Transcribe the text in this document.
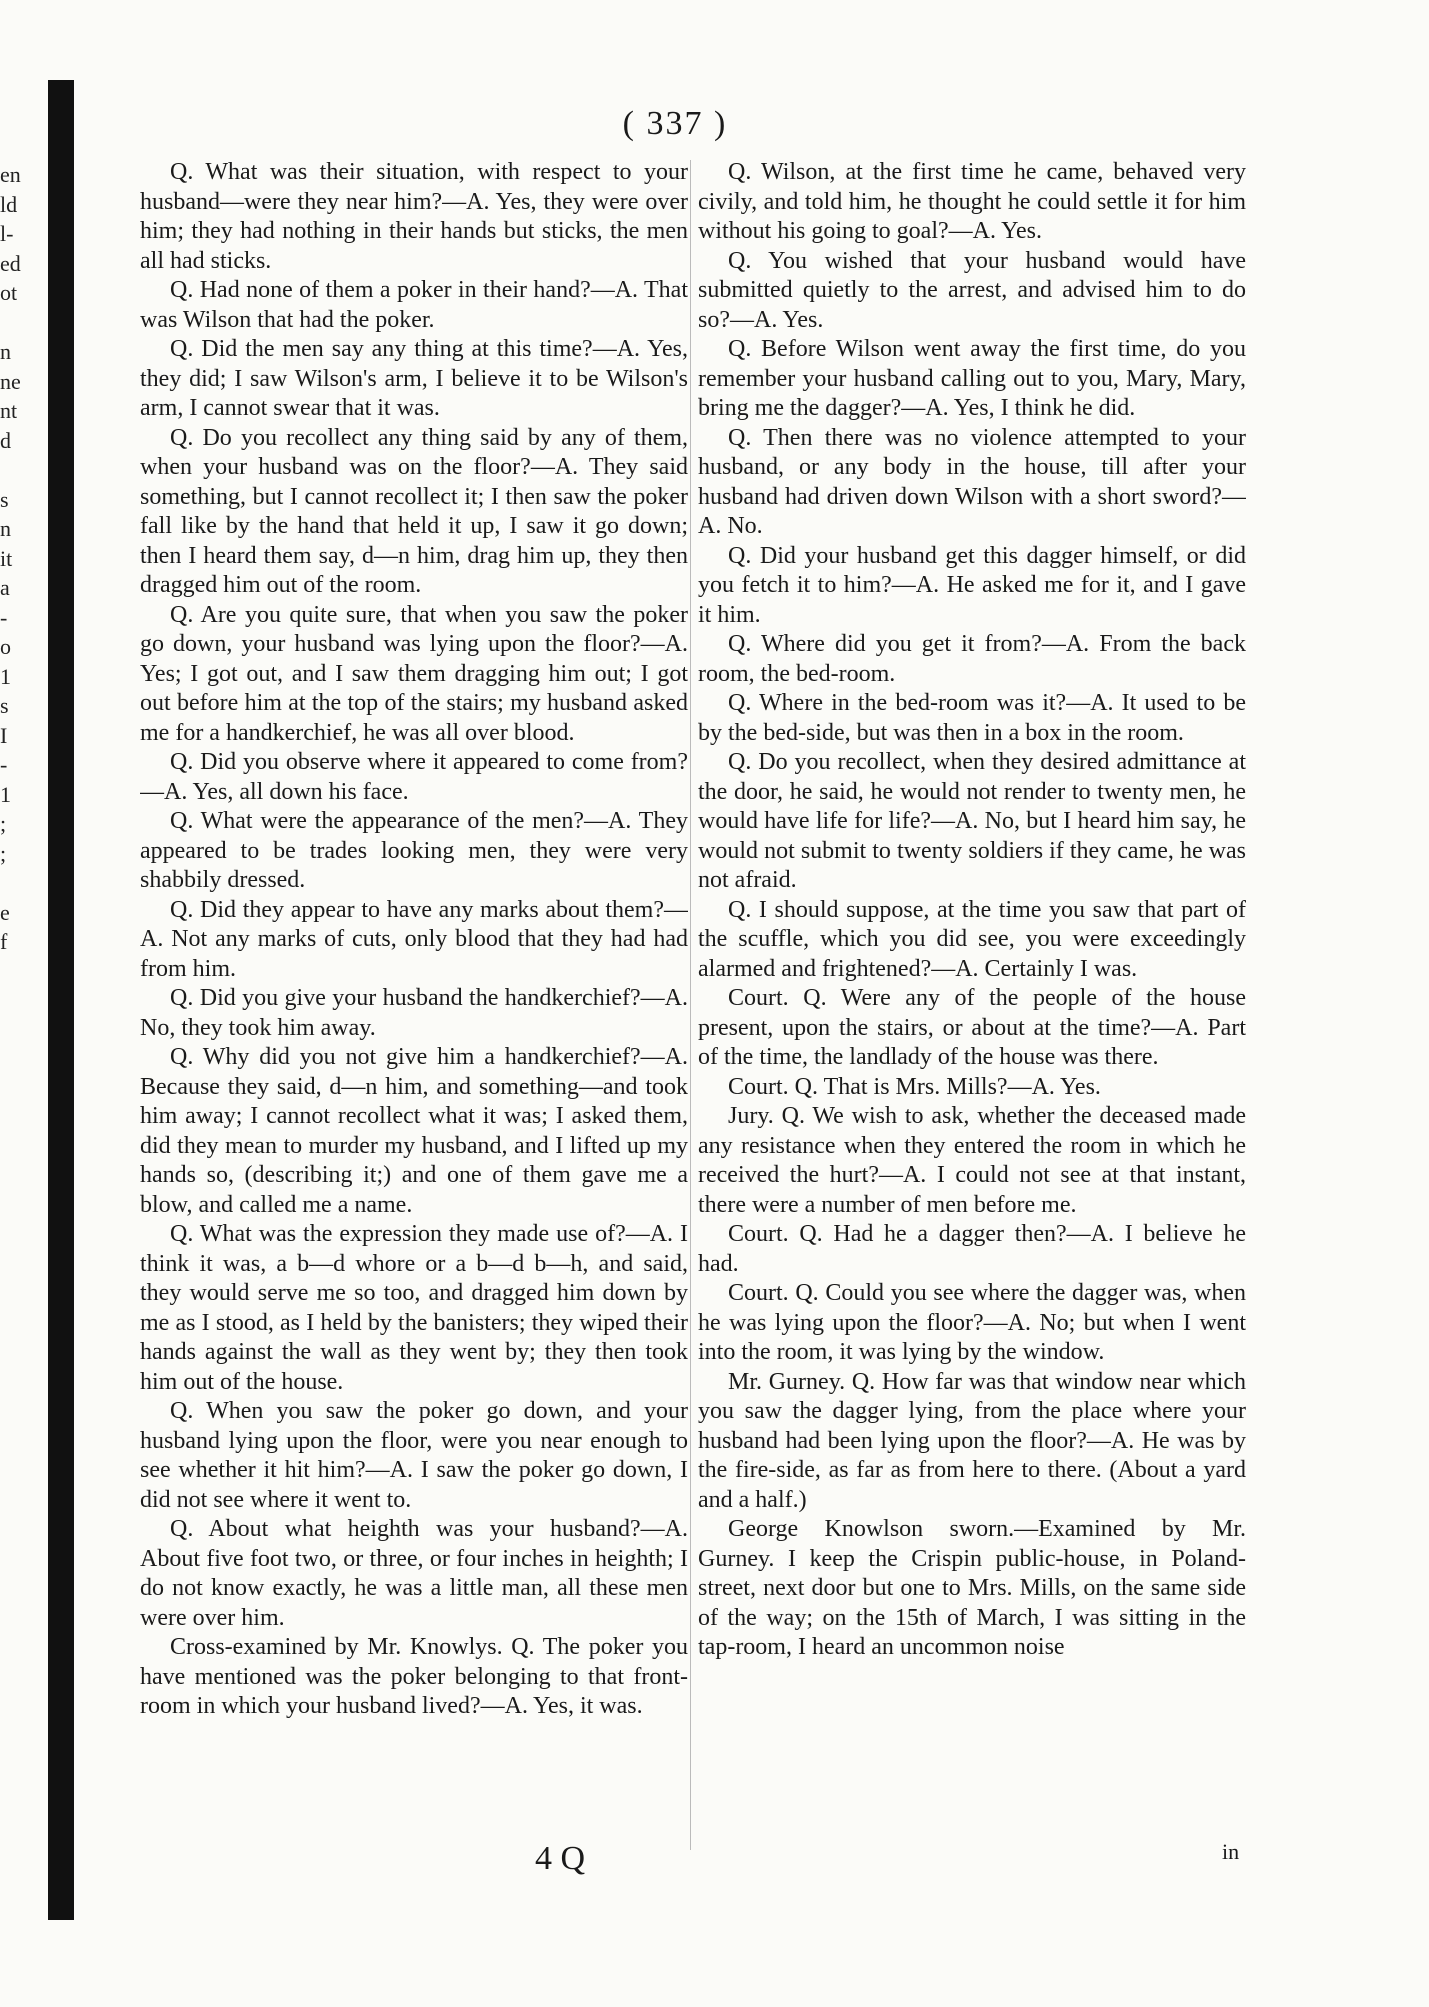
en
ld
l-
ed
ot
n
ne
nt
d
s
n
it
a
-
o
1
s
I
-
1
;
;
e
f
( 337 )

Q. What was their situation, with respect to your husband—were they near him?—A. Yes, they were over him; they had nothing in their hands but sticks, the men all had sticks.

Q. Had none of them a poker in their hand?—A. That was Wilson that had the poker.

Q. Did the men say any thing at this time?—A. Yes, they did; I saw Wilson's arm, I believe it to be Wilson's arm, I cannot swear that it was.

Q. Do you recollect any thing said by any of them, when your husband was on the floor?—A. They said something, but I cannot recollect it; I then saw the poker fall like by the hand that held it up, I saw it go down; then I heard them say, d—n him, drag him up, they then dragged him out of the room.

Q. Are you quite sure, that when you saw the poker go down, your husband was lying upon the floor?—A. Yes; I got out, and I saw them dragging him out; I got out before him at the top of the stairs; my husband asked me for a handkerchief, he was all over blood.

Q. Did you observe where it appeared to come from?—A. Yes, all down his face.

Q. What were the appearance of the men?—A. They appeared to be trades looking men, they were very shabbily dressed.

Q. Did they appear to have any marks about them?—A. Not any marks of cuts, only blood that they had had from him.

Q. Did you give your husband the handkerchief?—A. No, they took him away.

Q. Why did you not give him a handkerchief?—A. Because they said, d—n him, and something—and took him away; I cannot recollect what it was; I asked them, did they mean to murder my husband, and I lifted up my hands so, (describing it;) and one of them gave me a blow, and called me a name.

Q. What was the expression they made use of?—A. I think it was, a b—d whore or a b—d b—h, and said, they would serve me so too, and dragged him down by me as I stood, as I held by the banisters; they wiped their hands against the wall as they went by; they then took him out of the house.

Q. When you saw the poker go down, and your husband lying upon the floor, were you near enough to see whether it hit him?—A. I saw the poker go down, I did not see where it went to.

Q. About what heighth was your husband?—A. About five foot two, or three, or four inches in heighth; I do not know exactly, he was a little man, all these men were over him.

Cross-examined by Mr. Knowlys. Q. The poker you have mentioned was the poker belonging to that front-room in which your husband lived?—A. Yes, it was.

Q. Wilson, at the first time he came, behaved very civily, and told him, he thought he could settle it for him without his going to goal?—A. Yes.

Q. You wished that your husband would have submitted quietly to the arrest, and advised him to do so?—A. Yes.

Q. Before Wilson went away the first time, do you remember your husband calling out to you, Mary, Mary, bring me the dagger?—A. Yes, I think he did.

Q. Then there was no violence attempted to your husband, or any body in the house, till after your husband had driven down Wilson with a short sword?—A. No.

Q. Did your husband get this dagger himself, or did you fetch it to him?—A. He asked me for it, and I gave it him.

Q. Where did you get it from?—A. From the back room, the bed-room.

Q. Where in the bed-room was it?—A. It used to be by the bed-side, but was then in a box in the room.

Q. Do you recollect, when they desired admittance at the door, he said, he would not render to twenty men, he would have life for life?—A. No, but I heard him say, he would not submit to twenty soldiers if they came, he was not afraid.

Q. I should suppose, at the time you saw that part of the scuffle, which you did see, you were exceedingly alarmed and frightened?—A. Certainly I was.

Court. Q. Were any of the people of the house present, upon the stairs, or about at the time?—A. Part of the time, the landlady of the house was there.

Court. Q. That is Mrs. Mills?—A. Yes.

Jury. Q. We wish to ask, whether the deceased made any resistance when they entered the room in which he received the hurt?—A. I could not see at that instant, there were a number of men before me.

Court. Q. Had he a dagger then?—A. I believe he had.

Court. Q. Could you see where the dagger was, when he was lying upon the floor?—A. No; but when I went into the room, it was lying by the window.

Mr. Gurney. Q. How far was that window near which you saw the dagger lying, from the place where your husband had been lying upon the floor?—A. He was by the fire-side, as far as from here to there. (About a yard and a half.)

George Knowlson sworn.—Examined by Mr. Gurney. I keep the Crispin public-house, in Poland-street, next door but one to Mrs. Mills, on the same side of the way; on the 15th of March, I was sitting in the tap-room, I heard an uncommon noise

4 Q	in
